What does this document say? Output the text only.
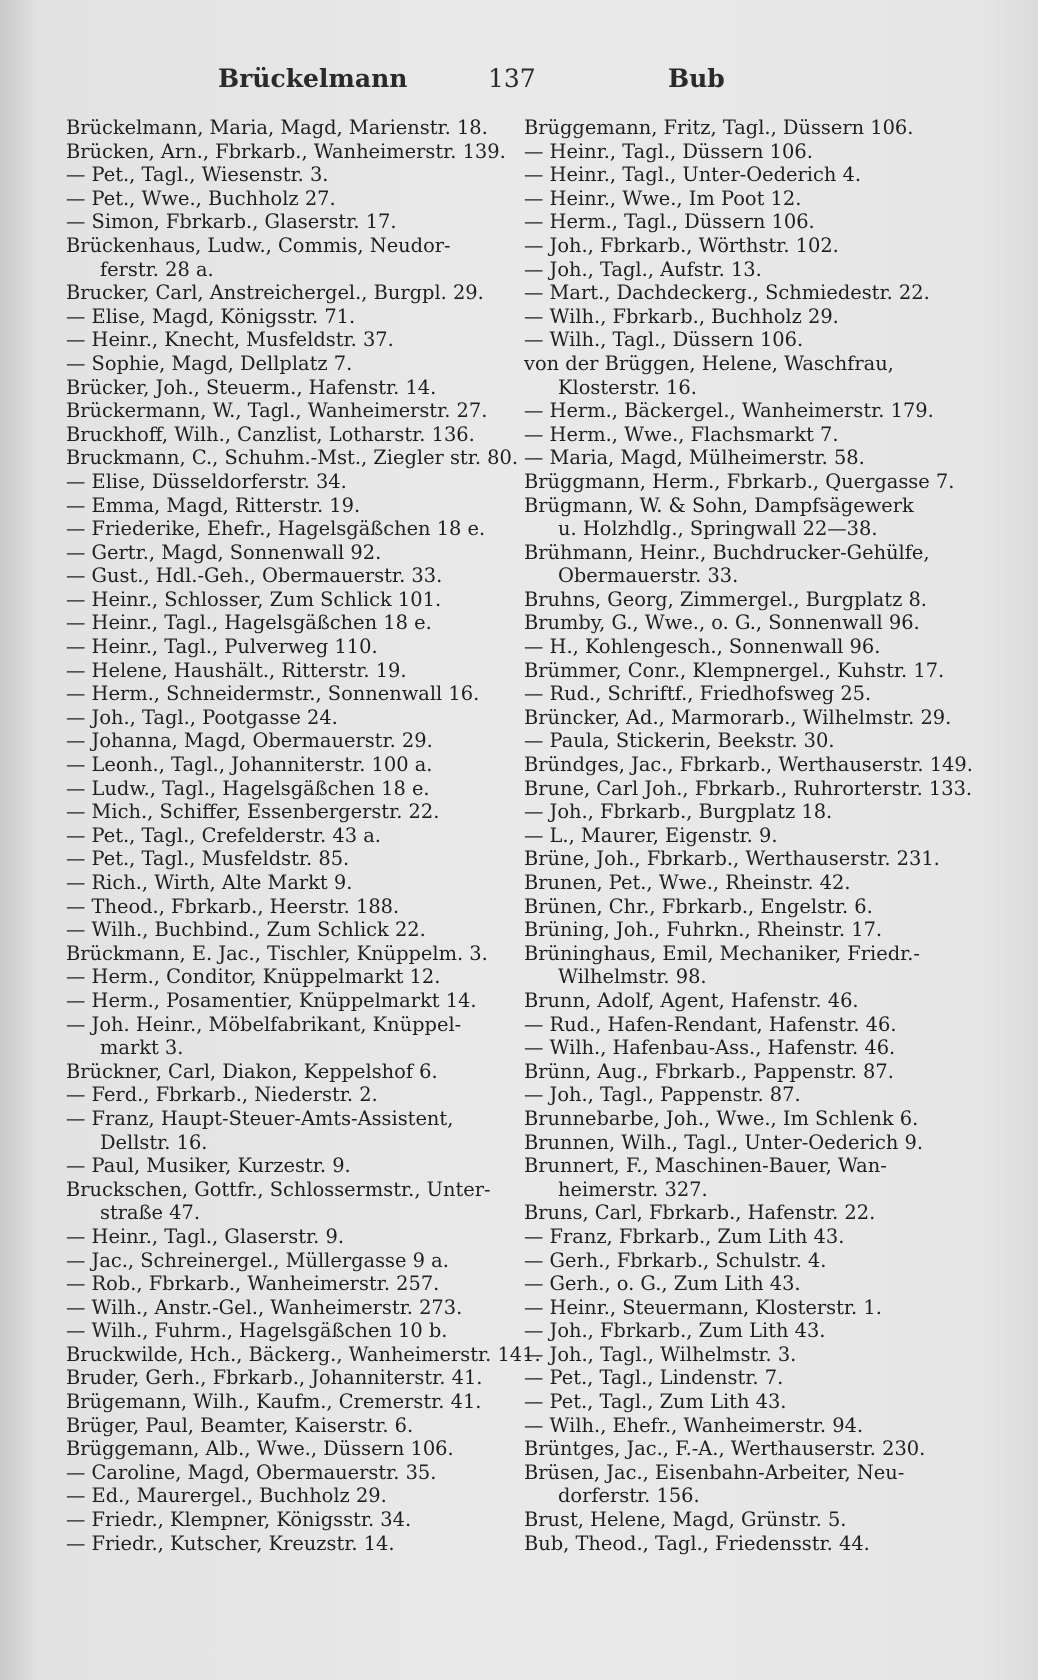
Brückelmann	137	Bub
Brückelmann, Maria, Magd, Marienstr. 18.
Brücken, Arn., Fbrkarb., Wanheimerstr. 139.
— Pet., Tagl., Wiesenstr. 3.
— Pet., Wwe., Buchholz 27.
— Simon, Fbrkarb., Glaserstr. 17.
Brückenhaus, Ludw., Commis, Neudor-
ferstr. 28 a.
Brucker, Carl, Anstreichergel., Burgpl. 29.
— Elise, Magd, Königsstr. 71.
— Heinr., Knecht, Musfeldstr. 37.
— Sophie, Magd, Dellplatz 7.
Brücker, Joh., Steuerm., Hafenstr. 14.
Brückermann, W., Tagl., Wanheimerstr. 27.
Bruckhoff, Wilh., Canzlist, Lotharstr. 136.
Bruckmann, C., Schuhm.-Mst., Ziegler str. 80.
— Elise, Düsseldorferstr. 34.
— Emma, Magd, Ritterstr. 19.
— Friederike, Ehefr., Hagelsgäßchen 18 e.
— Gertr., Magd, Sonnenwall 92.
— Gust., Hdl.-Geh., Obermauerstr. 33.
— Heinr., Schlosser, Zum Schlick 101.
— Heinr., Tagl., Hagelsgäßchen 18 e.
— Heinr., Tagl., Pulverweg 110.
— Helene, Haushält., Ritterstr. 19.
— Herm., Schneidermstr., Sonnenwall 16.
— Joh., Tagl., Pootgasse 24.
— Johanna, Magd, Obermauerstr. 29.
— Leonh., Tagl., Johanniterstr. 100 a.
— Ludw., Tagl., Hagelsgäßchen 18 e.
— Mich., Schiffer, Essenbergerstr. 22.
— Pet., Tagl., Crefelderstr. 43 a.
— Pet., Tagl., Musfeldstr. 85.
— Rich., Wirth, Alte Markt 9.
— Theod., Fbrkarb., Heerstr. 188.
— Wilh., Buchbind., Zum Schlick 22.
Brückmann, E. Jac., Tischler, Knüppelm. 3.
— Herm., Conditor, Knüppelmarkt 12.
— Herm., Posamentier, Knüppelmarkt 14.
— Joh. Heinr., Möbelfabrikant, Knüppel-
markt 3.
Brückner, Carl, Diakon, Keppelshof 6.
— Ferd., Fbrkarb., Niederstr. 2.
— Franz, Haupt-Steuer-Amts-Assistent,
Dellstr. 16.
— Paul, Musiker, Kurzestr. 9.
Bruckschen, Gottfr., Schlossermstr., Unter-
straße 47.
— Heinr., Tagl., Glaserstr. 9.
— Jac., Schreinergel., Müllergasse 9 a.
— Rob., Fbrkarb., Wanheimerstr. 257.
— Wilh., Anstr.-Gel., Wanheimerstr. 273.
— Wilh., Fuhrm., Hagelsgäßchen 10 b.
Bruckwilde, Hch., Bäckerg., Wanheimerstr. 141.
Bruder, Gerh., Fbrkarb., Johanniterstr. 41.
Brügemann, Wilh., Kaufm., Cremerstr. 41.
Brüger, Paul, Beamter, Kaiserstr. 6.
Brüggemann, Alb., Wwe., Düssern 106.
— Caroline, Magd, Obermauerstr. 35.
— Ed., Maurergel., Buchholz 29.
— Friedr., Klempner, Königsstr. 34.
— Friedr., Kutscher, Kreuzstr. 14.
Brüggemann, Fritz, Tagl., Düssern 106.
— Heinr., Tagl., Düssern 106.
— Heinr., Tagl., Unter-Oederich 4.
— Heinr., Wwe., Im Poot 12.
— Herm., Tagl., Düssern 106.
— Joh., Fbrkarb., Wörthstr. 102.
— Joh., Tagl., Aufstr. 13.
— Mart., Dachdeckerg., Schmiedestr. 22.
— Wilh., Fbrkarb., Buchholz 29.
— Wilh., Tagl., Düssern 106.
von der Brüggen, Helene, Waschfrau,
Klosterstr. 16.
— Herm., Bäckergel., Wanheimerstr. 179.
— Herm., Wwe., Flachsmarkt 7.
— Maria, Magd, Mülheimerstr. 58.
Brüggmann, Herm., Fbrkarb., Quergasse 7.
Brügmann, W. & Sohn, Dampfsägewerk
u. Holzhdlg., Springwall 22—38.
Brühmann, Heinr., Buchdrucker-Gehülfe,
Obermauerstr. 33.
Bruhns, Georg, Zimmergel., Burgplatz 8.
Brumby, G., Wwe., o. G., Sonnenwall 96.
— H., Kohlengesch., Sonnenwall 96.
Brümmer, Conr., Klempnergel., Kuhstr. 17.
— Rud., Schriftf., Friedhofsweg 25.
Brüncker, Ad., Marmorarb., Wilhelmstr. 29.
— Paula, Stickerin, Beekstr. 30.
Bründges, Jac., Fbrkarb., Werthauserstr. 149.
Brune, Carl Joh., Fbrkarb., Ruhrorterstr. 133.
— Joh., Fbrkarb., Burgplatz 18.
— L., Maurer, Eigenstr. 9.
Brüne, Joh., Fbrkarb., Werthauserstr. 231.
Brunen, Pet., Wwe., Rheinstr. 42.
Brünen, Chr., Fbrkarb., Engelstr. 6.
Brüning, Joh., Fuhrkn., Rheinstr. 17.
Brüninghaus, Emil, Mechaniker, Friedr.-
Wilhelmstr. 98.
Brunn, Adolf, Agent, Hafenstr. 46.
— Rud., Hafen-Rendant, Hafenstr. 46.
— Wilh., Hafenbau-Ass., Hafenstr. 46.
Brünn, Aug., Fbrkarb., Pappenstr. 87.
— Joh., Tagl., Pappenstr. 87.
Brunnebarbe, Joh., Wwe., Im Schlenk 6.
Brunnen, Wilh., Tagl., Unter-Oederich 9.
Brunnert, F., Maschinen-Bauer, Wan-
heimerstr. 327.
Bruns, Carl, Fbrkarb., Hafenstr. 22.
— Franz, Fbrkarb., Zum Lith 43.
— Gerh., Fbrkarb., Schulstr. 4.
— Gerh., o. G., Zum Lith 43.
— Heinr., Steuermann, Klosterstr. 1.
— Joh., Fbrkarb., Zum Lith 43.
— Joh., Tagl., Wilhelmstr. 3.
— Pet., Tagl., Lindenstr. 7.
— Pet., Tagl., Zum Lith 43.
— Wilh., Ehefr., Wanheimerstr. 94.
Brüntges, Jac., F.-A., Werthauserstr. 230.
Brüsen, Jac., Eisenbahn-Arbeiter, Neu-
dorferstr. 156.
Brust, Helene, Magd, Grünstr. 5.
Bub, Theod., Tagl., Friedensstr. 44.
